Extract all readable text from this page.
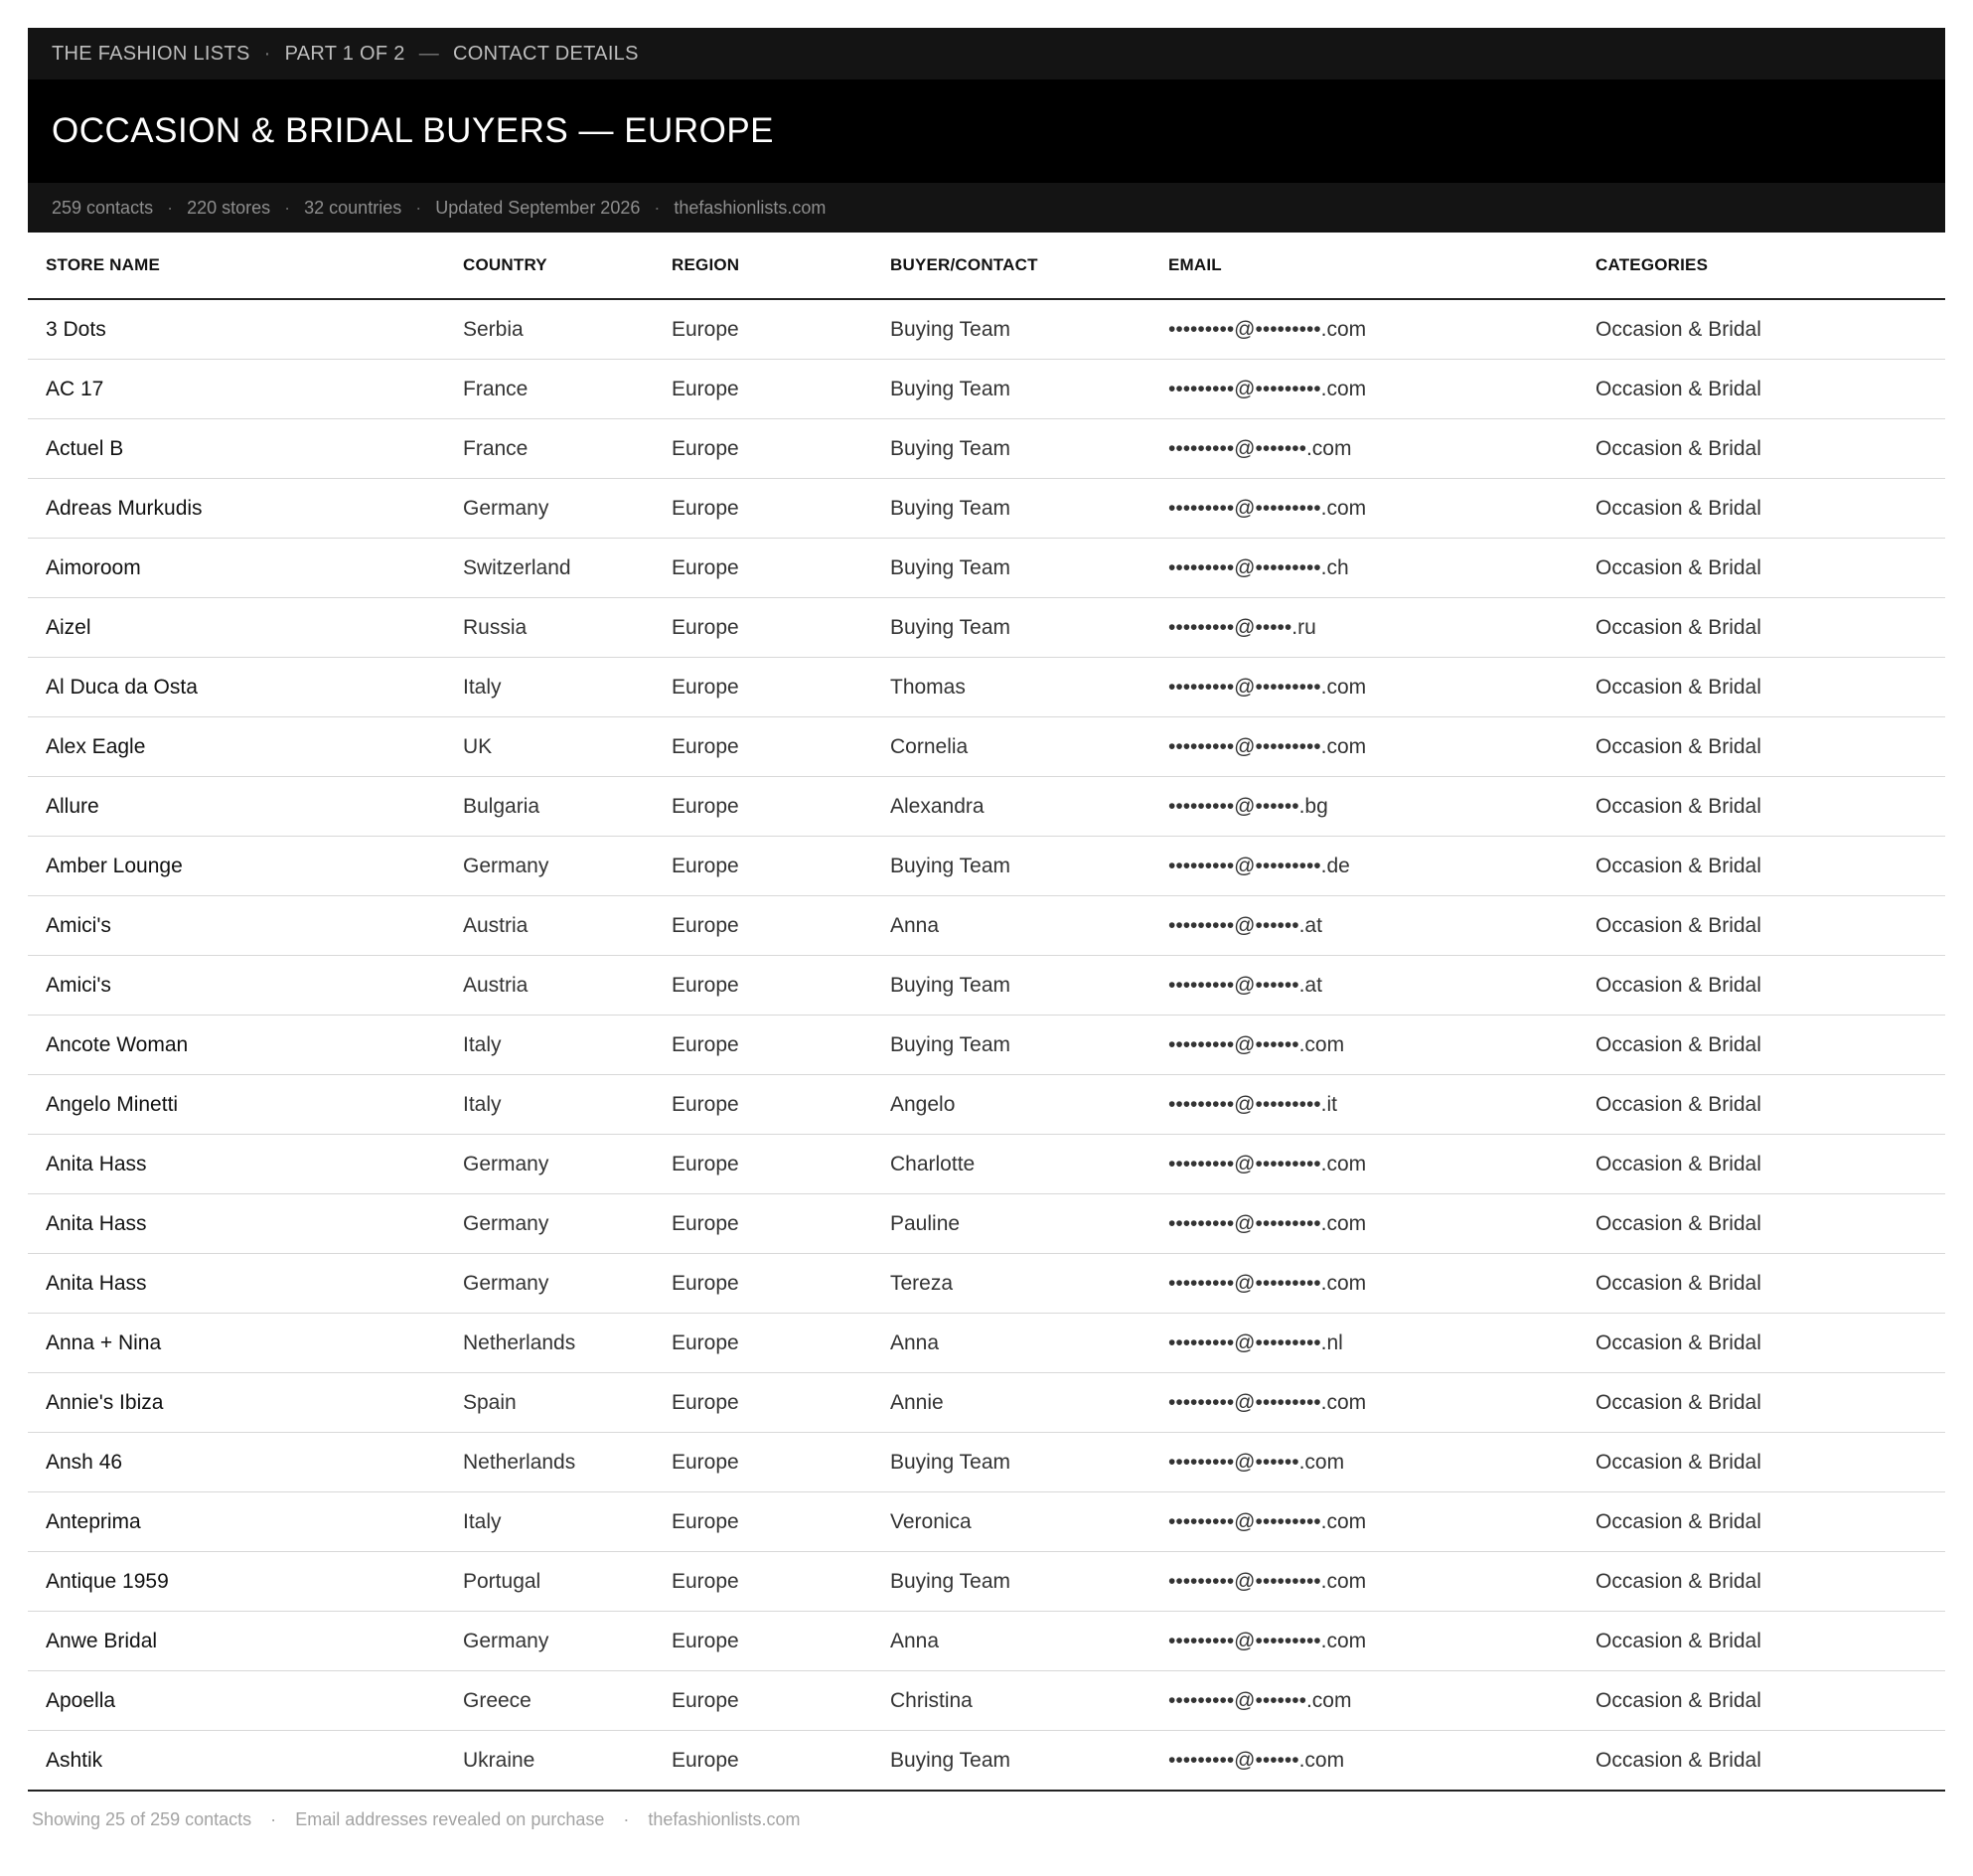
THE FASHION LISTS · PART 1 OF 2 — CONTACT DETAILS
OCCASION & BRIDAL BUYERS — EUROPE
259 contacts · 220 stores · 32 countries · Updated September 2026 · thefashionlists.com
STORE NAME	COUNTRY	REGION	BUYER/CONTACT	EMAIL	CATEGORIES
3 Dots	Serbia	Europe	Buying Team	•••••••••@•••••••••.com	Occasion & Bridal
AC 17	France	Europe	Buying Team	•••••••••@•••••••••.com	Occasion & Bridal
Actuel B	France	Europe	Buying Team	•••••••••@•••••••.com	Occasion & Bridal
Adreas Murkudis	Germany	Europe	Buying Team	•••••••••@•••••••••.com	Occasion & Bridal
Aimoroom	Switzerland	Europe	Buying Team	•••••••••@•••••••••.ch	Occasion & Bridal
Aizel	Russia	Europe	Buying Team	•••••••••@•••••.ru	Occasion & Bridal
Al Duca da Osta	Italy	Europe	Thomas	•••••••••@•••••••••.com	Occasion & Bridal
Alex Eagle	UK	Europe	Cornelia	•••••••••@•••••••••.com	Occasion & Bridal
Allure	Bulgaria	Europe	Alexandra	•••••••••@••••••.bg	Occasion & Bridal
Amber Lounge	Germany	Europe	Buying Team	•••••••••@•••••••••.de	Occasion & Bridal
Amici's	Austria	Europe	Anna	•••••••••@••••••.at	Occasion & Bridal
Amici's	Austria	Europe	Buying Team	•••••••••@••••••.at	Occasion & Bridal
Ancote Woman	Italy	Europe	Buying Team	•••••••••@••••••.com	Occasion & Bridal
Angelo Minetti	Italy	Europe	Angelo	•••••••••@•••••••••.it	Occasion & Bridal
Anita Hass	Germany	Europe	Charlotte	•••••••••@•••••••••.com	Occasion & Bridal
Anita Hass	Germany	Europe	Pauline	•••••••••@•••••••••.com	Occasion & Bridal
Anita Hass	Germany	Europe	Tereza	•••••••••@•••••••••.com	Occasion & Bridal
Anna + Nina	Netherlands	Europe	Anna	•••••••••@•••••••••.nl	Occasion & Bridal
Annie's Ibiza	Spain	Europe	Annie	•••••••••@•••••••••.com	Occasion & Bridal
Ansh 46	Netherlands	Europe	Buying Team	•••••••••@••••••.com	Occasion & Bridal
Anteprima	Italy	Europe	Veronica	•••••••••@•••••••••.com	Occasion & Bridal
Antique 1959	Portugal	Europe	Buying Team	•••••••••@•••••••••.com	Occasion & Bridal
Anwe Bridal	Germany	Europe	Anna	•••••••••@•••••••••.com	Occasion & Bridal
Apoella	Greece	Europe	Christina	•••••••••@•••••••.com	Occasion & Bridal
Ashtik	Ukraine	Europe	Buying Team	•••••••••@••••••.com	Occasion & Bridal
Showing 25 of 259 contacts · Email addresses revealed on purchase · thefashionlists.com
